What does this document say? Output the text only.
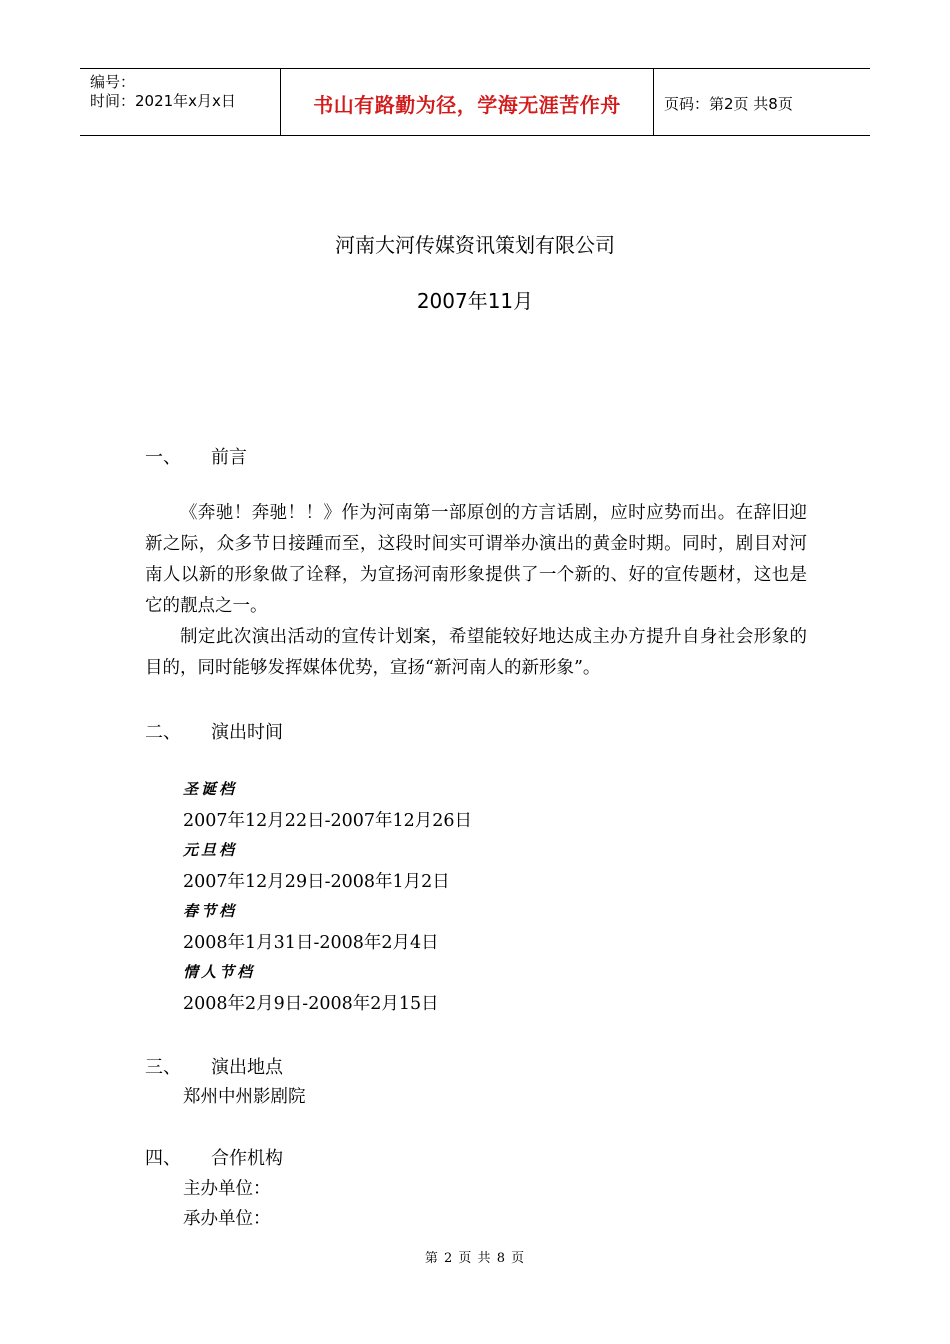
编号：
时间：2021年x月x日	书山有路勤为径，学海无涯苦作舟	页码：第2页 共8页
河南大河传媒资讯策划有限公司
2007年11月
一、 前言

《奔驰！奔驰！！》作为河南第一部原创的方言话剧，应时应势而出。在辞旧迎新之际，众多节日接踵而至，这段时间实可谓举办演出的黄金时期。同时，剧目对河南人以新的形象做了诠释，为宣扬河南形象提供了一个新的、好的宣传题材，这也是它的靓点之一。

制定此次演出活动的宣传计划案，希望能较好地达成主办方提升自身社会形象的目的，同时能够发挥媒体优势，宣扬“新河南人的新形象”。

二、 演出时间
圣诞档
2007年12月22日-2007年12月26日
元旦档
2007年12月29日-2008年1月2日
春节档
2008年1月31日-2008年2月4日
情人节档
2008年2月9日-2008年2月15日
三、 演出地点
郑州中州影剧院
四、 合作机构
主办单位：
承办单位：
第 2 页 共 8 页
